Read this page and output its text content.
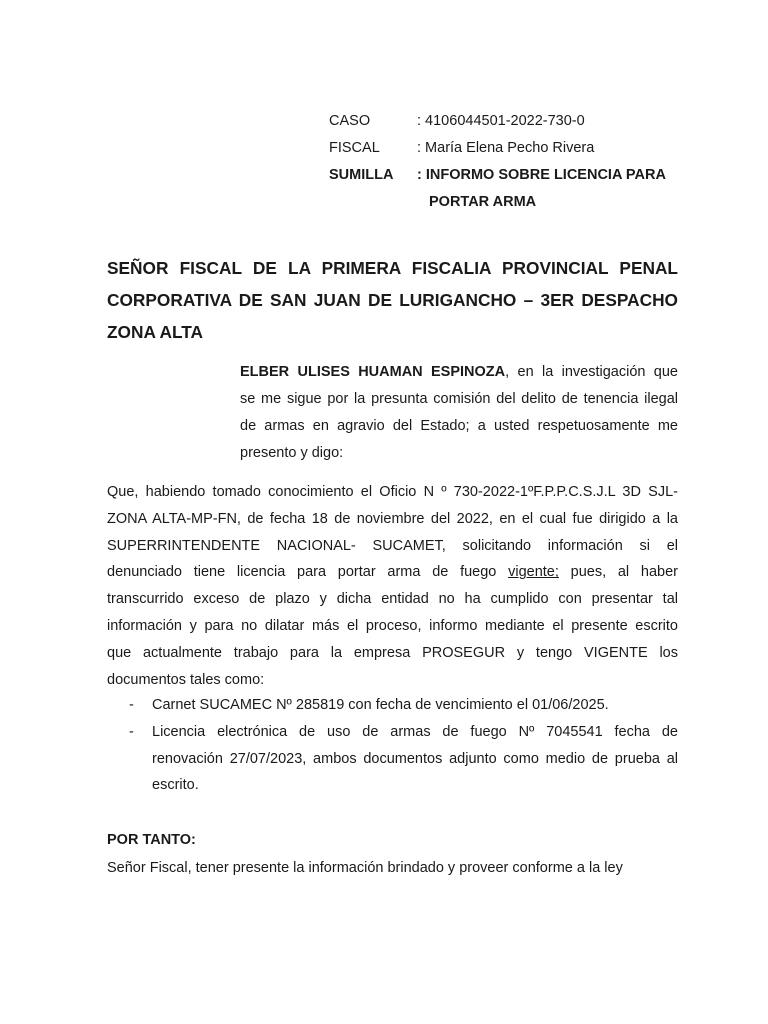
CASO	: 4106044501-2022-730-0
FISCAL	: María Elena Pecho Rivera
SUMILLA	: INFORMO SOBRE LICENCIA PARA
PORTAR ARMA
SEÑOR FISCAL DE LA PRIMERA FISCALIA PROVINCIAL PENAL
CORPORATIVA DE SAN JUAN DE LURIGANCHO – 3ER DESPACHO
ZONA ALTA
ELBER ULISES HUAMAN ESPINOZA, en la investigación que
se me sigue por la presunta comisión del delito de tenencia ilegal
de armas en agravio del Estado; a usted respetuosamente me
presento y digo:
Que, habiendo tomado conocimiento el Oficio N º 730-2022-1ºF.P.P.C.S.J.L 3D SJL-
ZONA ALTA-MP-FN, de fecha 18 de noviembre del 2022, en el cual fue dirigido a la
SUPERRINTENDENTE NACIONAL- SUCAMET, solicitando información si el
denunciado tiene licencia para portar arma de fuego vigente; pues, al haber
transcurrido exceso de plazo y dicha entidad no ha cumplido con presentar tal
información y para no dilatar más el proceso, informo mediante el presente escrito
que actualmente trabajo para la empresa PROSEGUR y tengo VIGENTE los
documentos tales como:
- Carnet SUCAMEC Nº 285819 con fecha de vencimiento el 01/06/2025.
- Licencia electrónica de uso de armas de fuego Nº 7045541 fecha de
renovación 27/07/2023, ambos documentos adjunto como medio de prueba al
escrito.
POR TANTO:
Señor Fiscal, tener presente la información brindado y proveer conforme a la ley
